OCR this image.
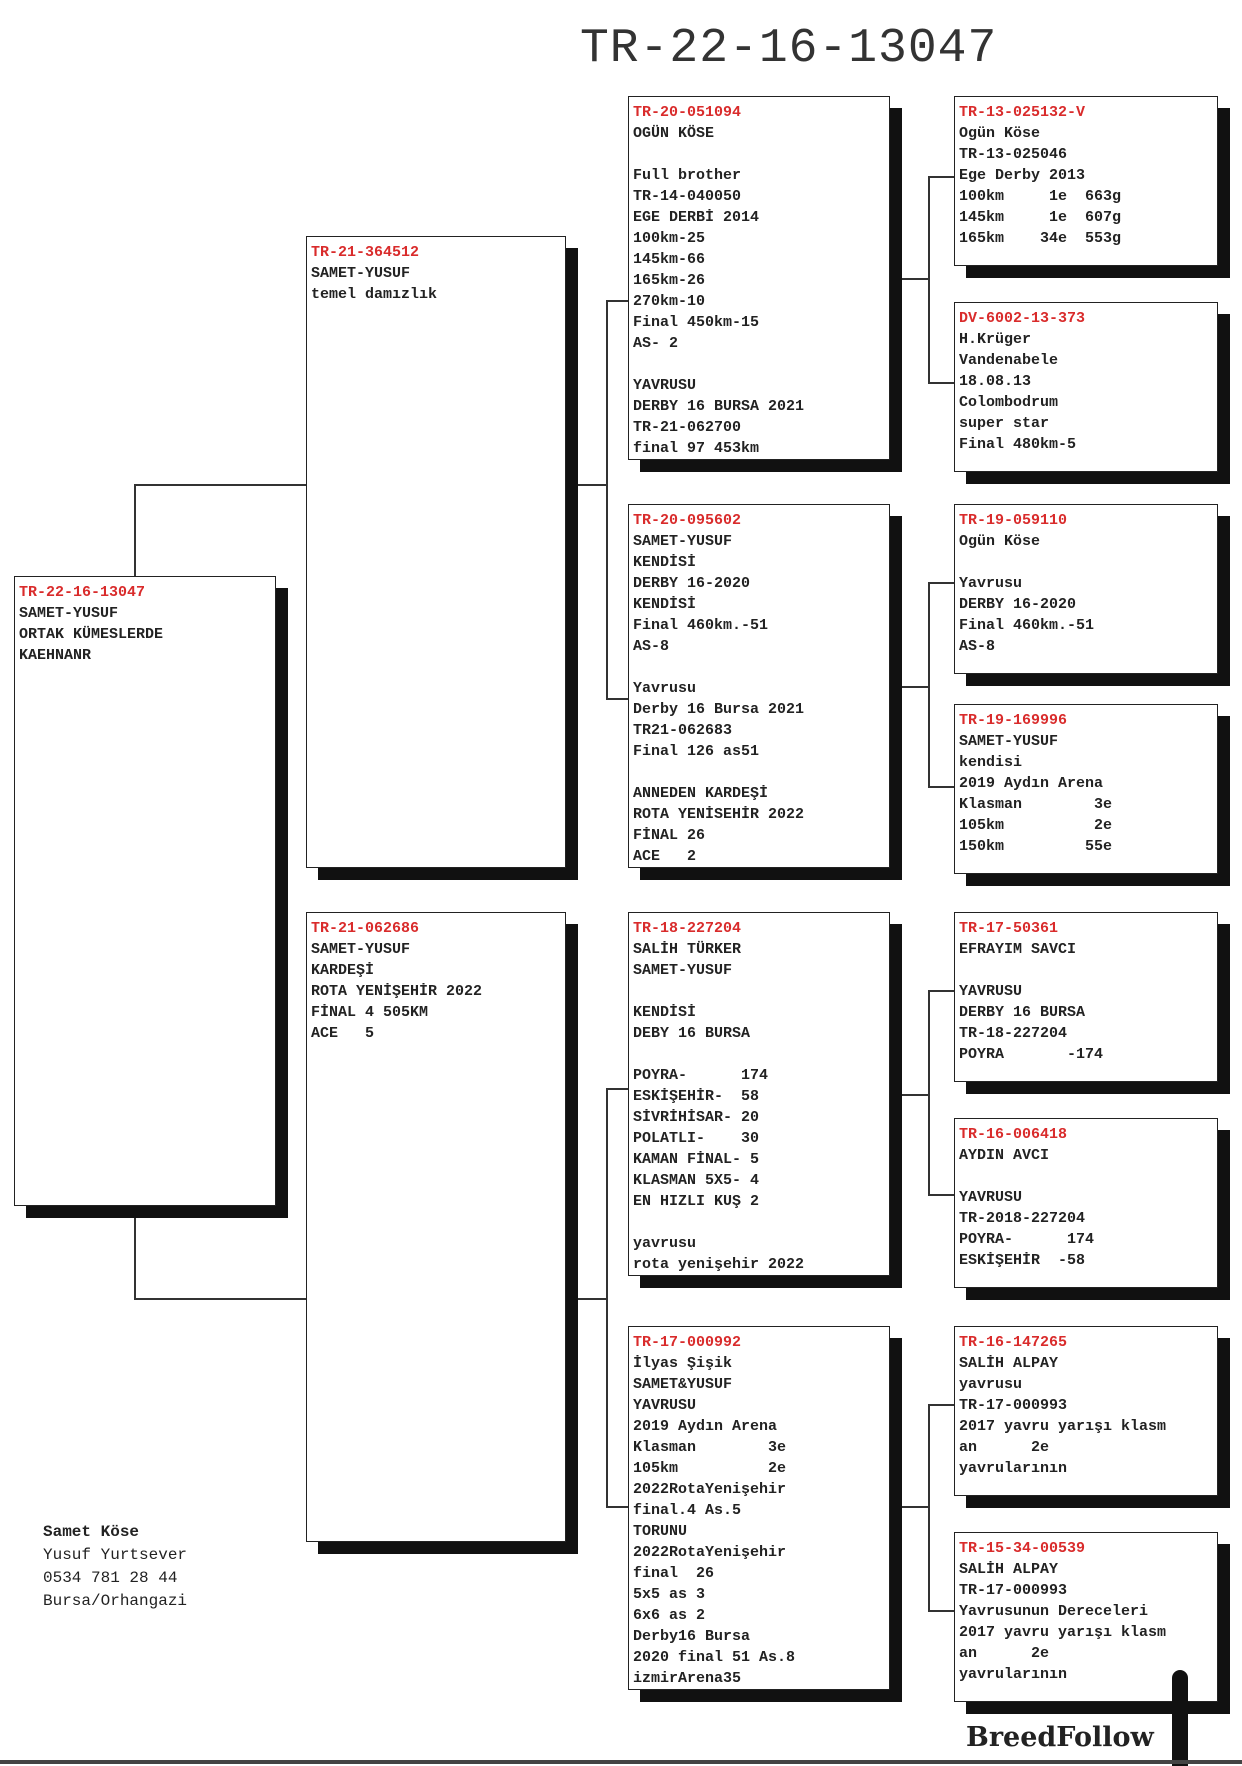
TR-22-16-13047
TR-22-16-13047
SAMET-YUSUF
ORTAK KÜMESLERDE
KAEHNANR
TR-21-364512
SAMET-YUSUF
temel damızlık
TR-21-062686
SAMET-YUSUF
KARDEŞİ
ROTA YENİŞEHİR 2022
FİNAL 4 505KM
ACE   5
TR-20-051094
OGÜN KÖSE

Full brother
TR-14-040050
EGE DERBİ 2014
100km-25
145km-66
165km-26
270km-10
Final 450km-15
AS- 2

YAVRUSU
DERBY 16 BURSA 2021
TR-21-062700
final 97 453km
TR-20-095602
SAMET-YUSUF
KENDİSİ
DERBY 16-2020
KENDİSİ
Final 460km.-51
AS-8

Yavrusu
Derby 16 Bursa 2021
TR21-062683
Final 126 as51

ANNEDEN KARDEŞİ
ROTA YENİSEHİR 2022
FİNAL 26
ACE   2
TR-18-227204
SALİH TÜRKER
SAMET-YUSUF

KENDİSİ
DEBY 16 BURSA

POYRA-      174
ESKİŞEHİR-  58
SİVRİHİSAR- 20
POLATLI-    30
KAMAN FİNAL- 5
KLASMAN 5X5- 4
EN HIZLI KUŞ 2

yavrusu
rota yenişehir 2022
TR-17-000992
İlyas Şişik
SAMET&YUSUF
YAVRUSU
2019 Aydın Arena
Klasman        3e
105km          2e
2022RotaYenişehir
final.4 As.5
TORUNU
2022RotaYenişehir
final  26
5x5 as 3
6x6 as 2
Derby16 Bursa
2020 final 51 As.8
izmirArena35
TR-13-025132-V
Ogün Köse
TR-13-025046
Ege Derby 2013
100km     1e  663g
145km     1e  607g
165km    34e  553g
DV-6002-13-373
H.Krüger
Vandenabele
18.08.13
Colombodrum
super star
Final 480km-5
TR-19-059110
Ogün Köse

Yavrusu
DERBY 16-2020
Final 460km.-51
AS-8
TR-19-169996
SAMET-YUSUF
kendisi
2019 Aydın Arena
Klasman        3e
105km          2e
150km         55e
TR-17-50361
EFRAYIM SAVCI

YAVRUSU
DERBY 16 BURSA
TR-18-227204
POYRA       -174
TR-16-006418
AYDIN AVCI

YAVRUSU
TR-2018-227204
POYRA-      174
ESKİŞEHİR  -58
TR-16-147265
SALİH ALPAY
yavrusu
TR-17-000993
2017 yavru yarışı klasm
an      2e
yavrularının
TR-15-34-00539
SALİH ALPAY
TR-17-000993
Yavrusunun Dereceleri
2017 yavru yarışı klasm
an      2e
yavrularının
Samet Köse
Yusuf Yurtsever
0534 781 28 44
Bursa/Orhangazi
BreedFollow
